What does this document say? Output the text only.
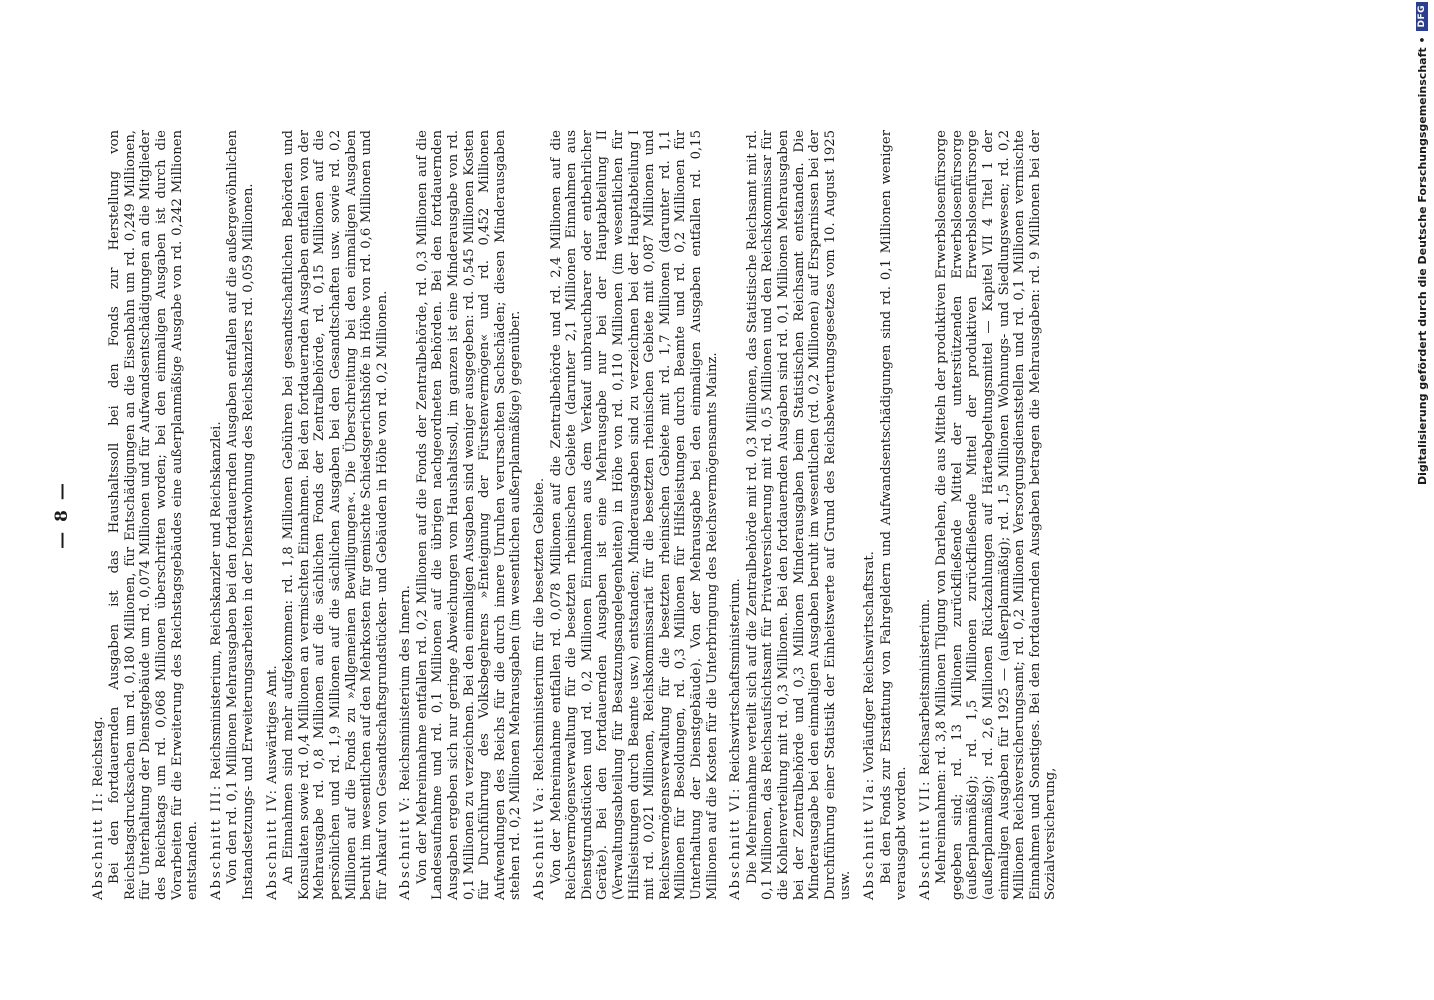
— 8 —
Abschnitt II: Reichstag. Bei den fortdauernden Ausgaben ist das Haushaltssoll bei den Fonds zur Herstellung von Reichstagsdrucksachen um rd. 0,180 Millionen, für Entschädigungen an die Eisenbahn um rd. 0,249 Millionen, für Unterhaltung der Dienstgebäude um rd. 0,074 Millionen und für Aufwandsentschädigungen an die Mitglieder des Reichstags um rd. 0,068 Millionen überschritten worden; bei den einmaligen Ausgaben ist durch die Vorarbeiten für die Erweiterung des Reichstagsgebäudes eine außerplanmäßige Ausgabe von rd. 0,242 Millionen entstanden. Abschnitt III: Reichsministerium, Reichskanzler und Reichskanzlei. Von den rd. 0,1 Millionen Mehrausgaben bei den fortdauernden Ausgaben entfallen auf die außergewöhnlichen Instandsetzungs- und Erweiterungsarbeiten in der Dienstwohnung des Reichskanzlers rd. 0,059 Millionen. Abschnitt IV: Auswärtiges Amt. An Einnahmen sind mehr aufgekommen: rd. 1,8 Millionen Gebühren bei gesandtschaftlichen Behörden und Konsulaten sowie rd. 0,4 Millionen an vermischten Einnahmen. Bei den fortdauernden Ausgaben entfallen von der Mehrausgabe rd. 0,8 Millionen auf die sächlichen Fonds der Zentralbehörde, rd. 0,15 Millionen auf die persönlichen und rd. 1,9 Millionen auf die sächlichen Ausgaben bei den Gesandtschaften usw. sowie rd. 0,2 Millionen auf die Fonds zu »Allgemeinen Bewilligungen«. Die Überschreitung bei den einmaligen Ausgaben beruht im wesentlichen auf den Mehrkosten für gemischte Schiedsgerichtshöfe in Höhe von rd. 0,6 Millionen und für Ankauf von Gesandtschaftsgrundstücken- und Gebäuden in Höhe von rd. 0,2 Millionen. Abschnitt V: Reichsministerium des Innern. Von der Mehreinnahme entfallen rd. 0,2 Millionen auf die Fonds der Zentralbehörde, rd. 0,3 Millionen auf die Landesaufnahme und rd. 0,1 Millionen auf die übrigen nachgeordneten Behörden. Bei den fortdauernden Ausgaben ergeben sich nur geringe Abweichungen vom Haushaltssoll, im ganzen ist eine Minderausgabe von rd. 0,1 Millionen zu verzeichnen. Bei den einmaligen Ausgaben sind weniger ausgegeben: rd. 0,545 Millionen Kosten für Durchführung des Volksbegehrens »Enteignung der Fürstenvermögen« und rd. 0,452 Millionen Aufwendungen des Reichs für die durch innere Unruhen verursachten Sachschäden; diesen Minderausgaben stehen rd. 0,2 Millionen Mehrausgaben (im wesentlichen außerplanmäßige) gegenüber. Abschnitt Va: Reichsministerium für die besetzten Gebiete. Von der Mehreinnahme entfallen rd. 0,078 Millionen auf die Zentralbehörde und rd. 2,4 Millionen auf die Reichsvermögensverwaltung für die besetzten rheinischen Gebiete (darunter 2,1 Millionen Einnahmen aus Dienstgrundstücken und rd. 0,2 Millionen Einnahmen aus dem Verkauf unbrauchbarer oder entbehrlicher Geräte). Bei den fortdauernden Ausgaben ist eine Mehrausgabe nur bei der Hauptabteilung II (Verwaltungsabteilung für Besatzungsangelegenheiten) in Höhe von rd. 0,110 Millionen (im wesentlichen für Hilfsleistungen durch Beamte usw.) entstanden; Minderausgaben sind zu verzeichnen bei der Hauptabteilung I mit rd. 0,021 Millionen, Reichskommissariat für die besetzten rheinischen Gebiete mit 0,087 Millionen und Reichsvermögensverwaltung für die besetzten rheinischen Gebiete mit rd. 1,7 Millionen (darunter rd. 1,1 Millionen für Besoldungen, rd. 0,3 Millionen für Hilfsleistungen durch Beamte und rd. 0,2 Millionen für Unterhaltung der Dienstgebäude). Von der Mehrausgabe bei den einmaligen Ausgaben entfallen rd. 0,15 Millionen auf die Kosten für die Unterbringung des Reichsvermögensamts Mainz. Abschnitt VI: Reichswirtschaftsministerium. Die Mehreinnahme verteilt sich auf die Zentralbehörde mit rd. 0,3 Millionen, das Statistische Reichsamt mit rd. 0,1 Millionen, das Reichsaufsichtsamt für Privatversicherung mit rd. 0,5 Millionen und den Reichskommissar für die Kohlenverteilung mit rd. 0,3 Millionen. Bei den fortdauernden Ausgaben sind rd. 0,1 Millionen Mehrausgaben bei der Zentralbehörde und 0,3 Millionen Minderausgaben beim Statistischen Reichsamt entstanden. Die Minderausgabe bei den einmaligen Ausgaben beruht im wesentlichen (rd. 0,2 Millionen) auf Ersparnissen bei der Durchführung einer Statistik der Einheitswerte auf Grund des Reichsbewertungsgesetzes vom 10. August 1925 usw. Abschnitt VIa: Vorläufiger Reichswirtschaftsrat. Bei den Fonds zur Erstattung von Fahrgeldern und Aufwandsentschädigungen sind rd. 0,1 Millionen weniger verausgabt worden. Abschnitt VII: Reichsarbeitsministerium. Mehreinnahmen: rd. 3,8 Millionen Tilgung von Darlehen, die aus Mitteln der produktiven Erwerbslosenfürsorge gegeben sind; rd. 13 Millionen zurückfließende Mittel der unterstützenden Erwerbslosenfürsorge (außerplanmäßig); rd. 1,5 Millionen zurückfließende Mittel der produktiven Erwerbslosenfürsorge (außerplanmäßig); rd. 2,6 Millionen Rückzahlungen auf Härteabgeltungsmittel — Kapitel VII 4 Titel 1 der einmaligen Ausgaben für 1925 — (außerplanmäßig); rd. 1,5 Millionen Wohnungs- und Siedlungswesen; rd. 0,2 Millionen Reichsversicherungsamt; rd. 0,2 Millionen Versorgungsdienststellen und rd. 0,1 Millionen vermischte Einnahmen und Sonstiges. Bei den fortdauernden Ausgaben betragen die Mehrausgaben: rd. 9 Millionen bei der Sozialversicherung,

Digitalisierung gefördert durch die Deutsche Forschungsgemeinschaft •
DFG
